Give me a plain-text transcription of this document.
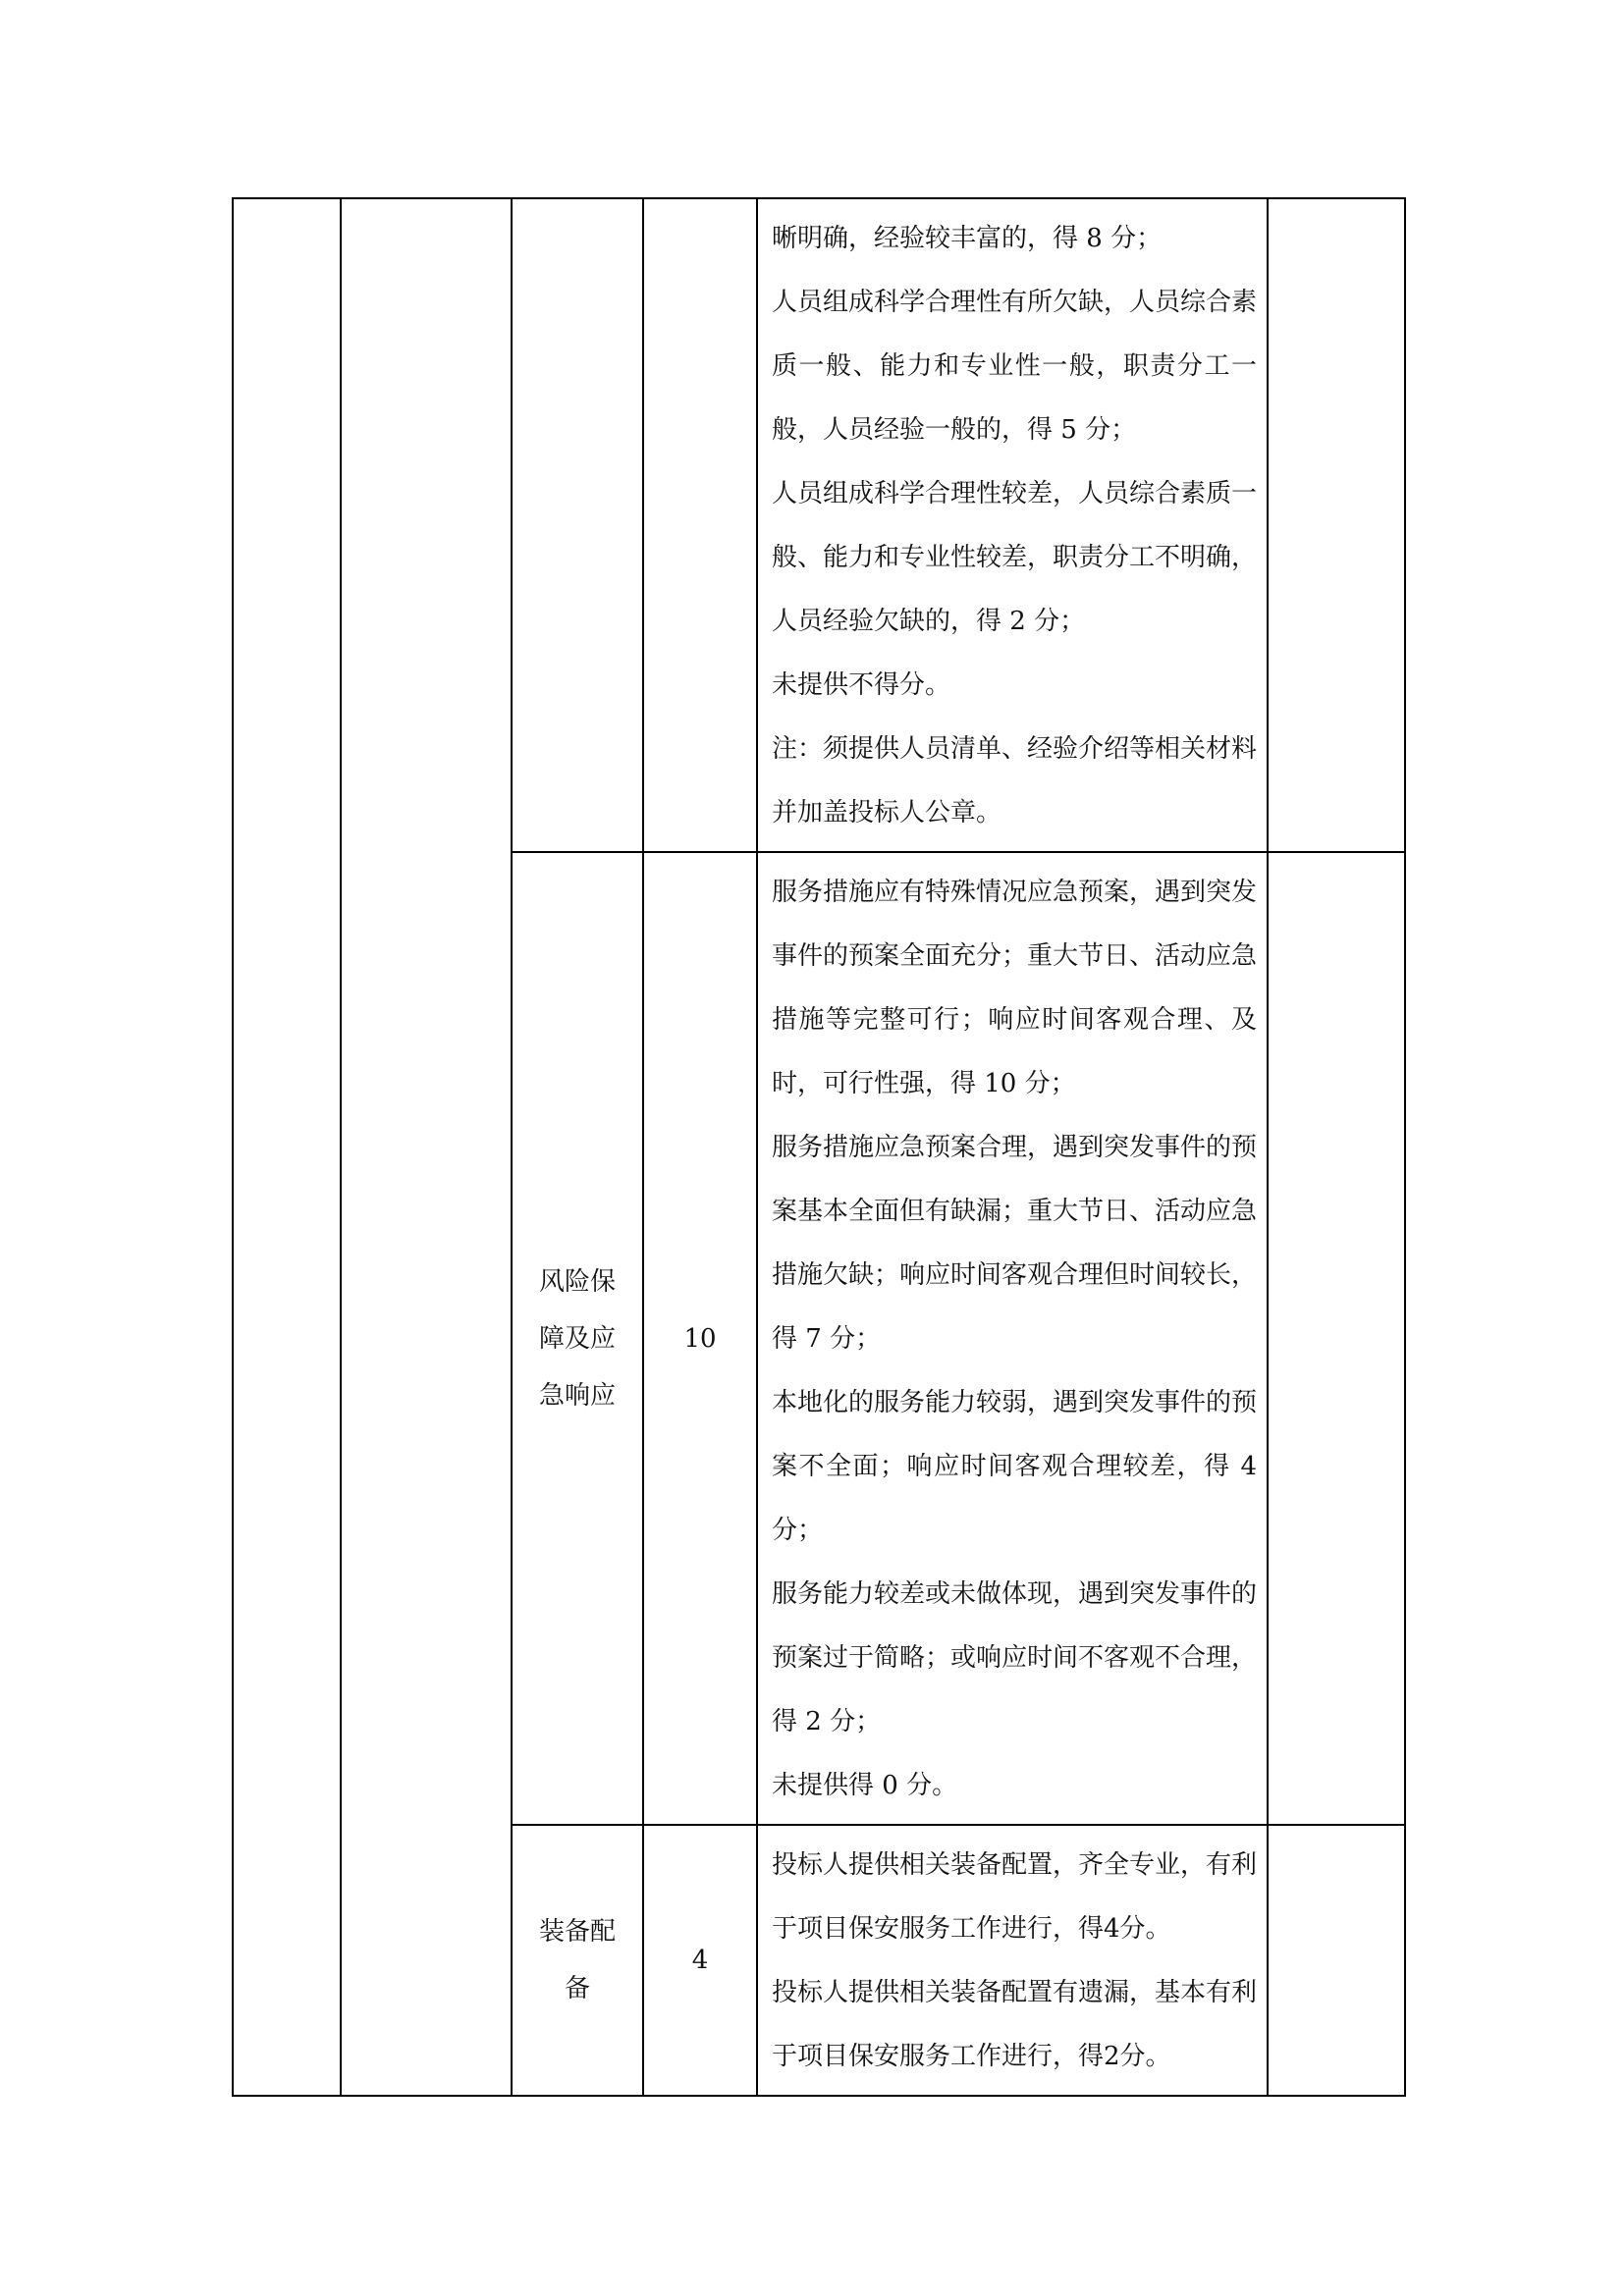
				晰明确，经验较丰富的，得 8 分；
人员组成科学合理性有所欠缺，人员综合素质一般、能力和专业性一般，职责分工一般，人员经验一般的，得 5 分；
人员组成科学合理性较差，人员综合素质一般、能力和专业性较差，职责分工不明确，人员经验欠缺的，得 2 分；
未提供不得分。
注：须提供人员清单、经验介绍等相关材料并加盖投标人公章。	

		风险保障及应急响应	10	服务措施应有特殊情况应急预案，遇到突发事件的预案全面充分；重大节日、活动应急措施等完整可行；响应时间客观合理、及时，可行性强，得 10 分；
服务措施应急预案合理，遇到突发事件的预案基本全面但有缺漏；重大节日、活动应急措施欠缺；响应时间客观合理但时间较长，得 7 分；
本地化的服务能力较弱，遇到突发事件的预案不全面；响应时间客观合理较差，得 4 分；
服务能力较差或未做体现，遇到突发事件的预案过于简略；或响应时间不客观不合理，得 2 分；
未提供得 0 分。	

		装备配备	4	投标人提供相关装备配置，齐全专业，有利于项目保安服务工作进行，得4分。
投标人提供相关装备配置有遗漏，基本有利于项目保安服务工作进行，得2分。	
